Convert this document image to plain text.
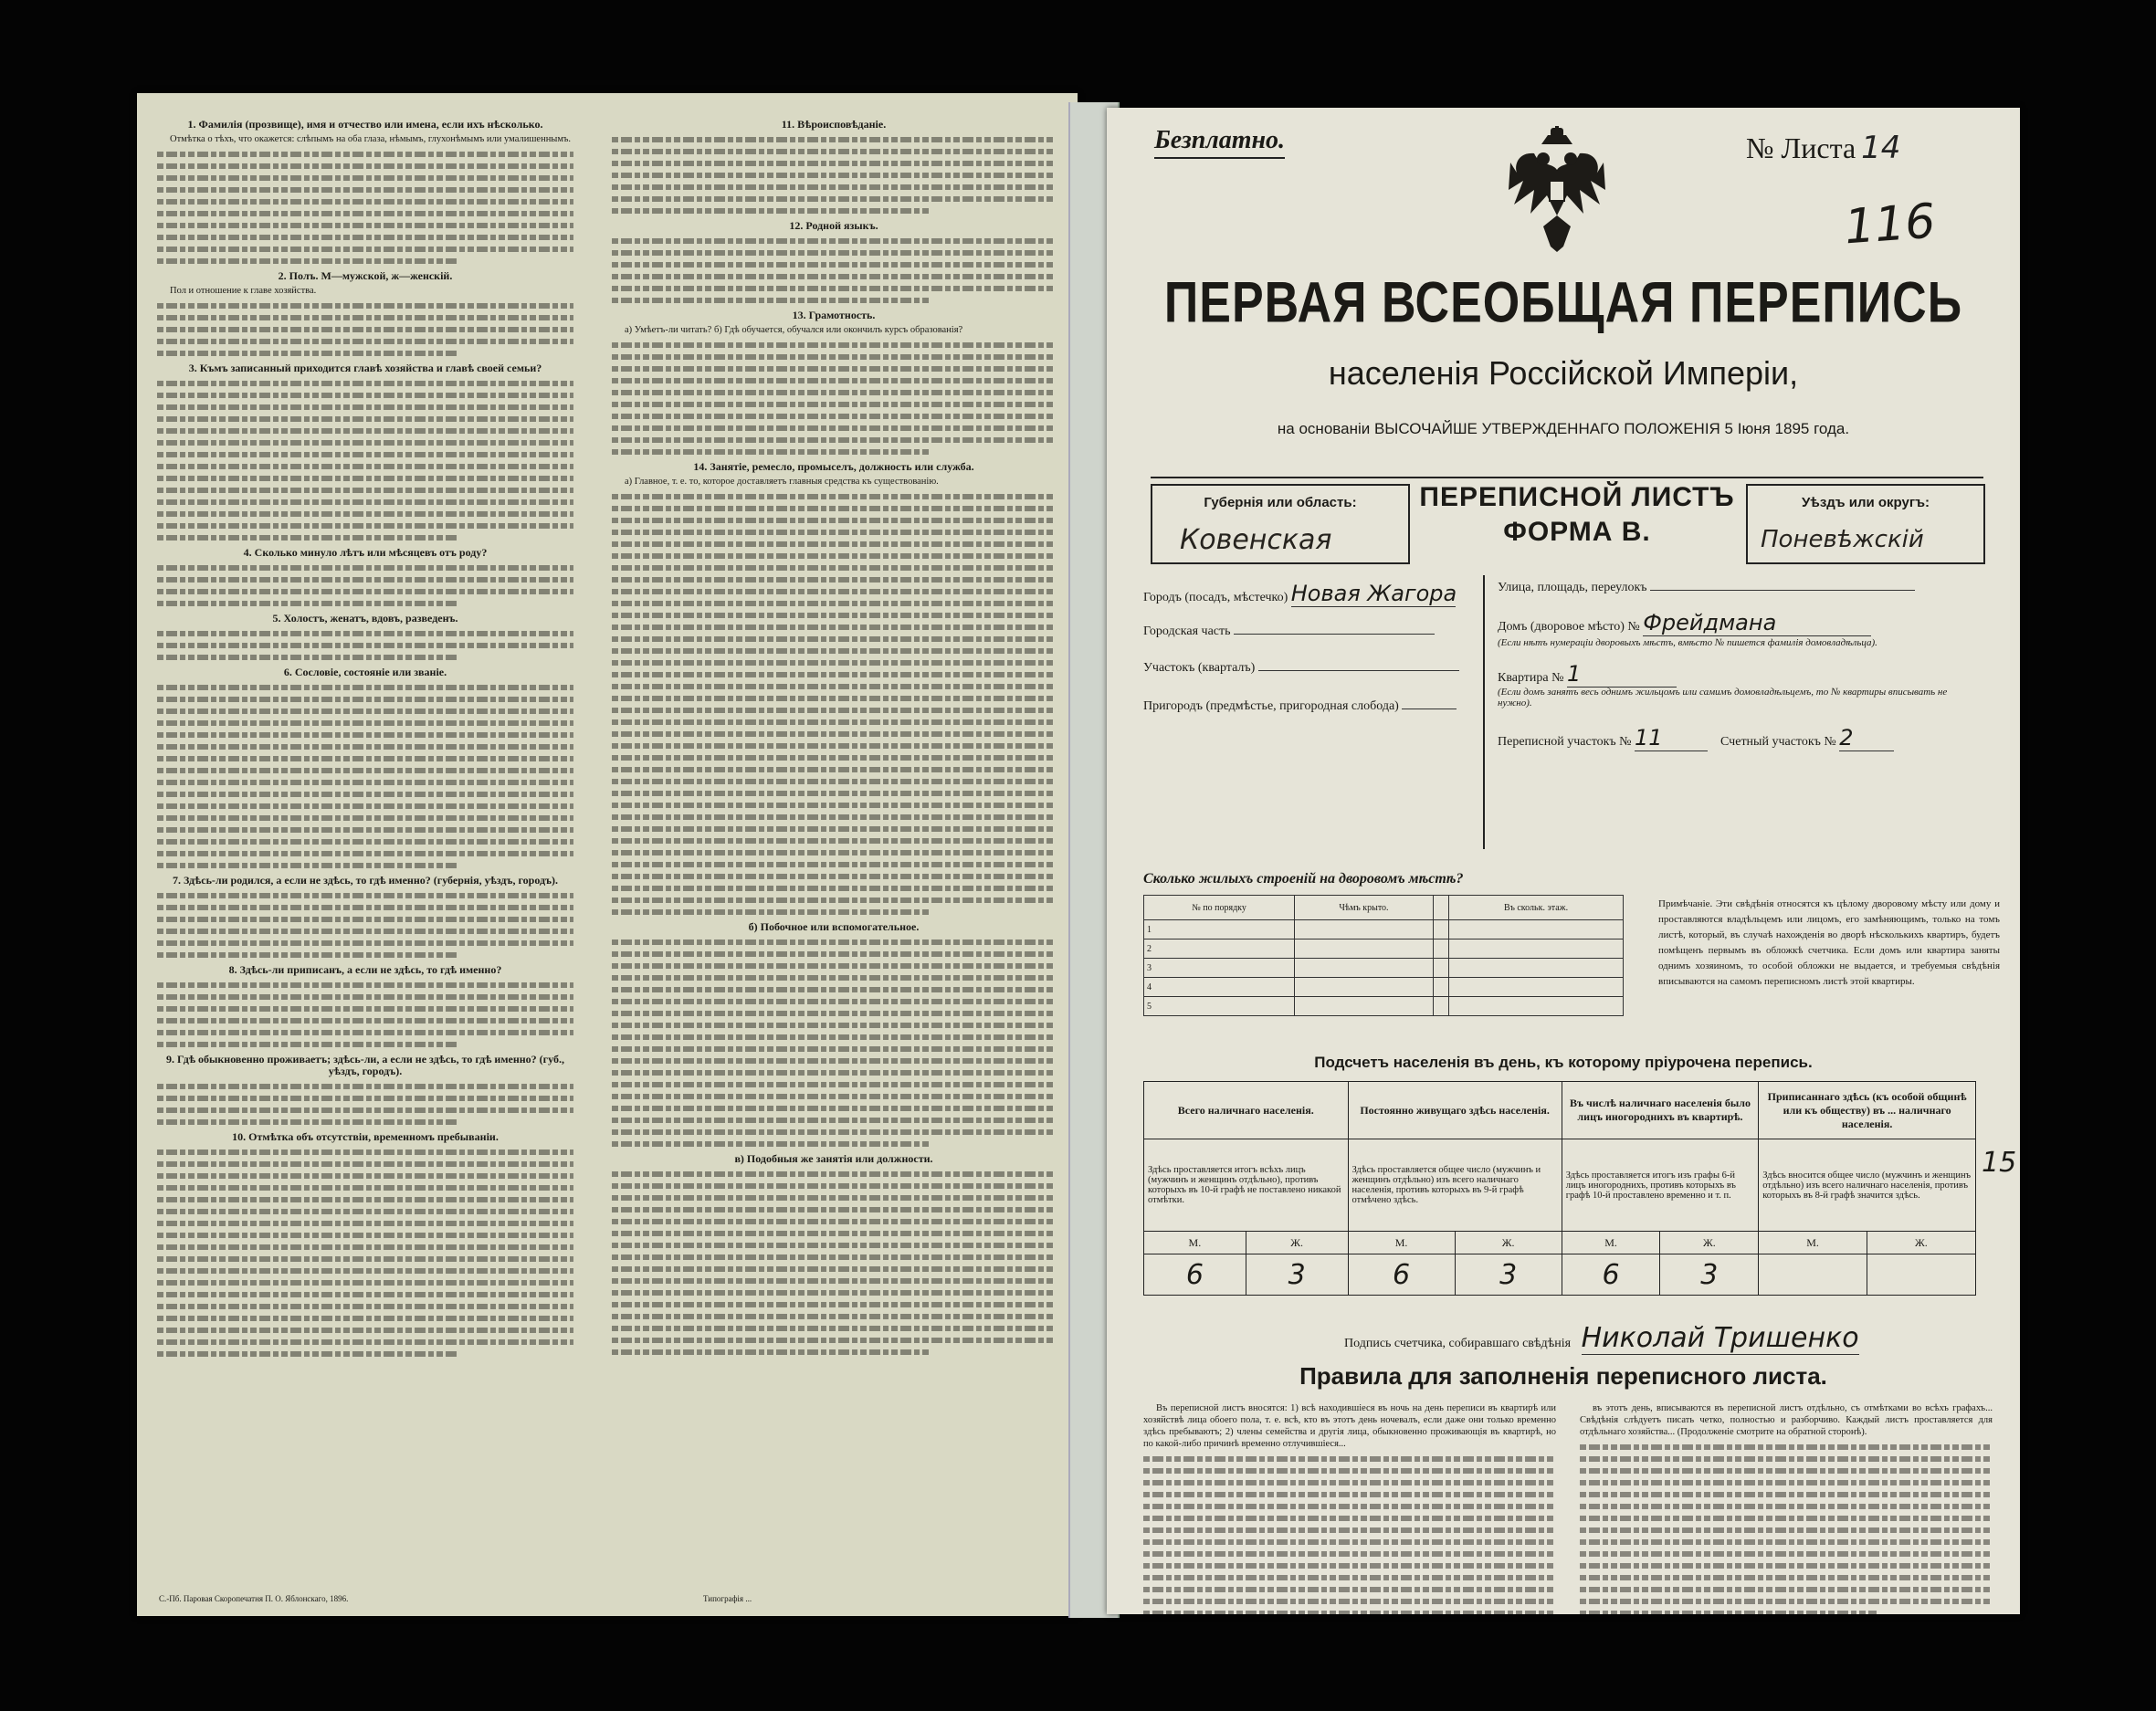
1. Фамилія (прозвище), имя и отчество или имена, если ихъ нѣсколько.

Отмѣтка о тѣхъ, что окажется: слѣпымъ на оба глаза, нѣмымъ, глухонѣмымъ или умалишеннымъ.

2. Полъ. М—мужской, ж—женскій.

Пол и отношение к главе хозяйства.

3. Къмъ записанный приходится главѣ хозяйства и главѣ своей семьи?
4. Сколько минуло лѣтъ или мѣсяцевъ отъ роду?
5. Холостъ, женатъ, вдовъ, разведенъ.
6. Сословіе, состояніе или званіе.
7. Здѣсь-ли родился, а если не здѣсь, то гдѣ именно? (губернія, уѣздъ, городъ).
8. Здѣсь-ли приписанъ, а если не здѣсь, то гдѣ именно?
9. Гдѣ обыкновенно проживаетъ; здѣсь-ли, а если не здѣсь, то гдѣ именно? (губ., уѣздъ, городъ).
10. Отмѣтка объ отсутствіи, временномъ пребываніи.
11. Вѣроисповѣданіе.
12. Родной языкъ.
13. Грамотность.

а) Умѣетъ-ли читать? б) Гдѣ обучается, обучался или окончилъ курсъ образованія?

14. Занятіе, ремесло, промыселъ, должность или служба.

а) Главное, т. е. то, которое доставляетъ главныя средства къ существованію.

б) Побочное или вспомогательное.
в) Подобныя же занятія или должности.
С.-Пб. Паровая Скоропечатня П. О. Яблонскаго, 1896.	Типографія ...
Безплатно.	№ Листа 14
116
ПЕРВАЯ ВСЕОБЩАЯ ПЕРЕПИСЬ
населенія Россійской Имперіи,
на основаніи ВЫСОЧАЙШЕ УТВЕРЖДЕННАГО ПОЛОЖЕНІЯ 5 Іюня 1895 года.
Губернія или область:
Ковенская
ПЕРЕПИСНОЙ ЛИСТЪ
ФОРМА В.
Уѣздъ или округъ:
Поневѣжскій
Городъ (посадъ, мѣстечко) Новая Жагора
Городская часть
Участокъ (кварталъ)
Пригородъ (предмѣстье, пригородная слобода)
Улица, площадь, переулокъ
Домъ (дворовое мѣсто) № Фрейдмана
(Если нѣтъ нумерацiи дворовыхъ мѣстъ, вмѣсто № пишется фамилія домовладѣльца).
Квартира № 1
(Если домъ занятъ весь однимъ жильцомъ или самимъ домовладѣльцемъ, то № квартиры вписывать не нужно).
Переписной участокъ № 11	Счетный участокъ № 2
Сколько жилыхъ строеній на дворовомъ мѣстѣ?
№ по порядку	Чѣмъ крыто.		Въ скольк. этаж.
1			
2			
3			
4			
5			
Примѣчаніе. Эти свѣдѣнія относятся къ цѣлому дворовому мѣсту или дому и проставляются владѣльцемъ или лицомъ, его замѣняющимъ, только на томъ листѣ, который, въ случаѣ нахожденія во дворѣ нѣсколькихъ квартиръ, будетъ помѣщенъ первымъ въ обложкѣ счетчика. Если домъ или квартира заняты однимъ хозяиномъ, то особой обложки не выдается, и требуемыя свѣдѣнія вписываются на самомъ переписномъ листѣ этой квартиры.
Подсчетъ населенія въ день, къ которому пріурочена перепись.
Всего наличнаго населенія.		Постоянно живущаго здѣсь населенія.		Въ числѣ наличнаго населенія было лицъ иногороднихъ въ квартирѣ.		Приписаннаго здѣсь (къ особой общинѣ или къ обществу) въ ... наличнаго населенія.	
Здѣсь проставляется итогъ всѣхъ лицъ (мужчинъ и женщинъ отдѣльно), противъ которыхъ въ 10-й графѣ не поставлено никакой отмѣтки.		Здѣсь проставляется общее число (мужчинъ и женщинъ отдѣльно) изъ всего наличнаго населенія, противъ которыхъ въ 9-й графѣ отмѣчено здѣсь.		Здѣсь проставляется итогъ изъ графы 6-й лицъ иногороднихъ, противъ которыхъ въ графѣ 10-й проставлено временно и т. п.		Здѣсь вносится общее число (мужчинъ и женщинъ отдѣльно) изъ всего наличнаго населенія, противъ которыхъ въ 8-й графѣ значится здѣсь.	
М.	Ж.	М.	Ж.	М.	Ж.	М.	Ж.
6	3	6	3	6	3		
15
Подпись счетчика, собиравшаго свѣдѣнія Николай Тришенко
Правила для заполненія переписного листа.

Въ переписной листъ вносятся: 1) всѣ находившіеся въ ночь на день переписи въ квартирѣ или хозяйствѣ лица обоего пола, т. е. всѣ, кто въ этотъ день ночевалъ, если даже они только временно здѣсь пребываютъ; 2) члены семейства и другія лица, обыкновенно проживающія въ квартирѣ, но по какой-либо причинѣ временно отлучившіеся...

въ этотъ день, вписываются въ переписной листъ отдѣльно, съ отмѣтками во всѣхъ графахъ... Свѣдѣнія слѣдуетъ писать четко, полностью и разборчиво. Каждый листъ проставляется для отдѣльнаго хозяйства... (Продолженіе смотрите на обратной сторонѣ).
